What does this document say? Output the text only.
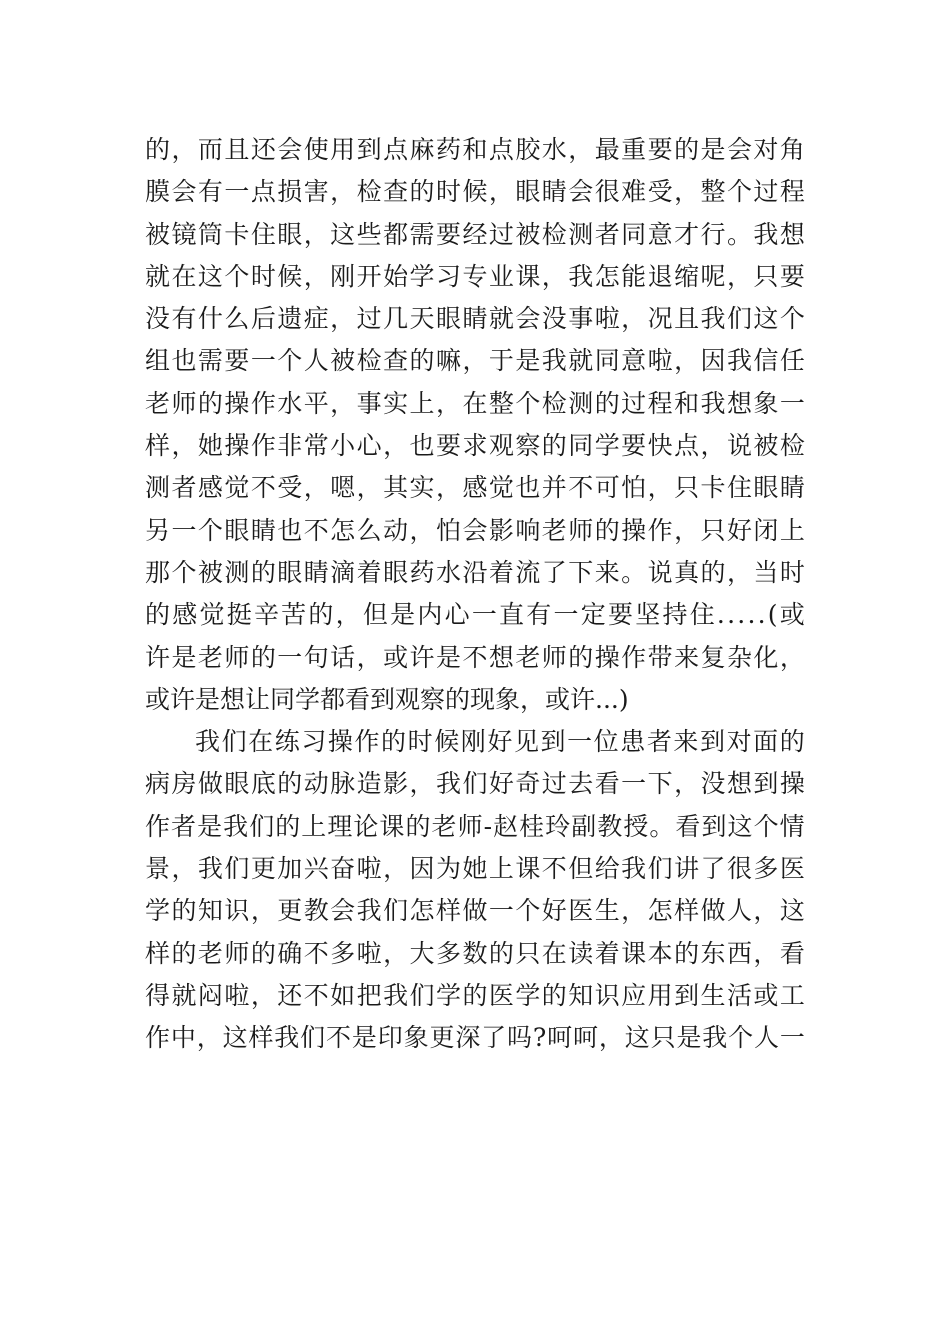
的 ， 而 且 还 会 使 用 到 点 麻 药 和 点 胶 水 ， 最 重 要 的 是 会 对 角
膜 会 有 一 点 损 害 ， 检 查 的 时 候 ， 眼 睛 会 很 难 受 ， 整 个 过 程
被 镜 筒 卡 住 眼 ， 这 些 都 需 要 经 过 被 检 测 者 同 意 才 行 。 我 想
就 在 这 个 时 候 ， 刚 开 始 学 习 专 业 课 ， 我 怎 能 退 缩 呢 ， 只 要
没 有 什 么 后 遗 症 ， 过 几 天 眼 睛 就 会 没 事 啦 ， 况 且 我 们 这 个
组 也 需 要 一 个 人 被 检 查 的 嘛 ， 于 是 我 就 同 意 啦 ， 因 我 信 任
老 师 的 操 作 水 平 ， 事 实 上 ， 在 整 个 检 测 的 过 程 和 我 想 象 一
样 ， 她 操 作 非 常 小 心 ， 也 要 求 观 察 的 同 学 要 快 点 ， 说 被 检
测 者 感 觉 不 受 ， 嗯 ， 其 实 ， 感 觉 也 并 不 可 怕 ， 只 卡 住 眼 睛
另 一 个 眼 睛 也 不 怎 么 动 ， 怕 会 影 响 老 师 的 操 作 ， 只 好 闭 上
那 个 被 测 的 眼 睛 滴 着 眼 药 水 沿 着 流 了 下 来 。 说 真 的 ， 当 时
的 感 觉 挺 辛 苦 的 ， 但 是 内 心 一 直 有 一 定 要 坚 持 住 . . . . . ( 或
许 是 老 师 的 一 句 话 ， 或 许 是 不 想 老 师 的 操 作 带 来 复 杂 化 ，
或许是想让同学都看到观察的现象，或许...)
我 们 在 练 习 操 作 的 时 候 刚 好 见 到 一 位 患 者 来 到 对 面 的
病 房 做 眼 底 的 动 脉 造 影 ， 我 们 好 奇 过 去 看 一 下 ， 没 想 到 操
作 者 是 我 们 的 上 理 论 课 的 老 师 - 赵 桂 玲 副 教 授 。 看 到 这 个 情
景 ， 我 们 更 加 兴 奋 啦 ， 因 为 她 上 课 不 但 给 我 们 讲 了 很 多 医
学 的 知 识 ， 更 教 会 我 们 怎 样 做 一 个 好 医 生 ， 怎 样 做 人 ， 这
样 的 老 师 的 确 不 多 啦 ， 大 多 数 的 只 在 读 着 课 本 的 东 西 ， 看
得 就 闷 啦 ， 还 不 如 把 我 们 学 的 医 学 的 知 识 应 用 到 生 活 或 工
作 中 ， 这 样 我 们 不 是 印 象 更 深 了 吗 ? 呵 呵 ， 这 只 是 我 个 人 一
